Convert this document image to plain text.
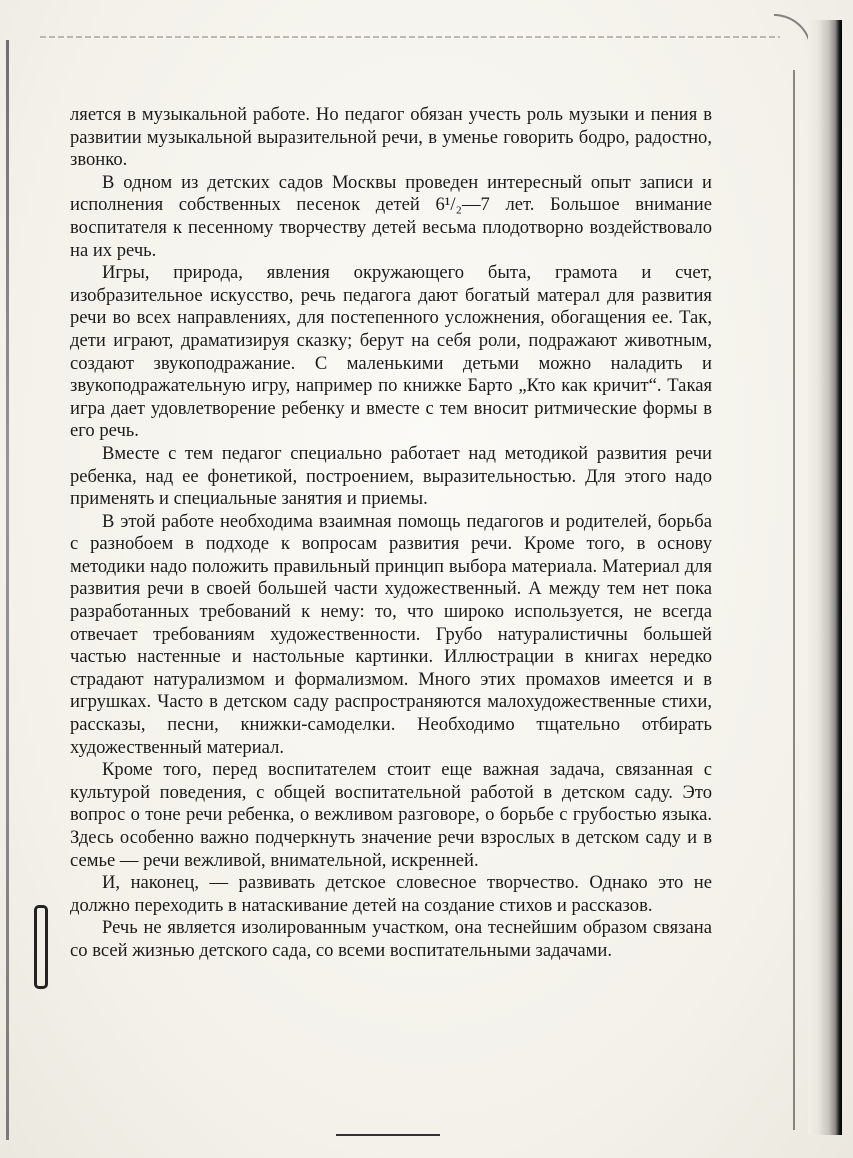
ляется в музыкальной работе. Но педагог обязан учесть роль музыки и пения в развитии музыкальной выразительной речи, в уменье говорить бодро, радостно, звонко.

В одном из детских садов Москвы проведен интересный опыт записи и исполнения собственных песенок детей 6¹/₂—7 лет. Большое внимание воспитателя к песенному творчеству детей весьма плодотворно воздействовало на их речь.

Игры, природа, явления окружающего быта, грамота и счет, изобразительное искусство, речь педагога дают богатый матерал для развития речи во всех направлениях, для постепенного усложнения, обогащения ее. Так, дети играют, драматизируя сказку; берут на себя роли, подражают животным, создают звукоподражание. С маленькими детьми можно наладить и звукоподражательную игру, например по книжке Барто „Кто как кричит“. Такая игра дает удовлетворение ребенку и вместе с тем вносит ритмические формы в его речь.

Вместе с тем педагог специально работает над методикой развития речи ребенка, над ее фонетикой, построением, выразительностью. Для этого надо применять и специальные занятия и приемы.

В этой работе необходима взаимная помощь педагогов и родителей, борьба с разнобоем в подходе к вопросам развития речи. Кроме того, в основу методики надо положить правильный принцип выбора материала. Материал для развития речи в своей большей части художественный. А между тем нет пока разработанных требований к нему: то, что широко используется, не всегда отвечает требованиям художественности. Грубо натуралистичны большей частью настенные и настольные картинки. Иллюстрации в книгах нередко страдают натурализмом и формализмом. Много этих промахов имеется и в игрушках. Часто в детском саду распространяются малохудожественные стихи, рассказы, песни, книжки-самоделки. Необходимо тщательно отбирать художественный материал.

Кроме того, перед воспитателем стоит еще важная задача, связанная с культурой поведения, с общей воспитательной работой в детском саду. Это вопрос о тоне речи ребенка, о вежливом разговоре, о борьбе с грубостью языка. Здесь особенно важно подчеркнуть значение речи взрослых в детском саду и в семье — речи вежливой, внимательной, искренней.

И, наконец, — развивать детское словесное творчество. Однако это не должно переходить в натаскивание детей на создание стихов и рассказов.

Речь не является изолированным участком, она теснейшим образом связана со всей жизнью детского сада, со всеми воспитательными задачами.
